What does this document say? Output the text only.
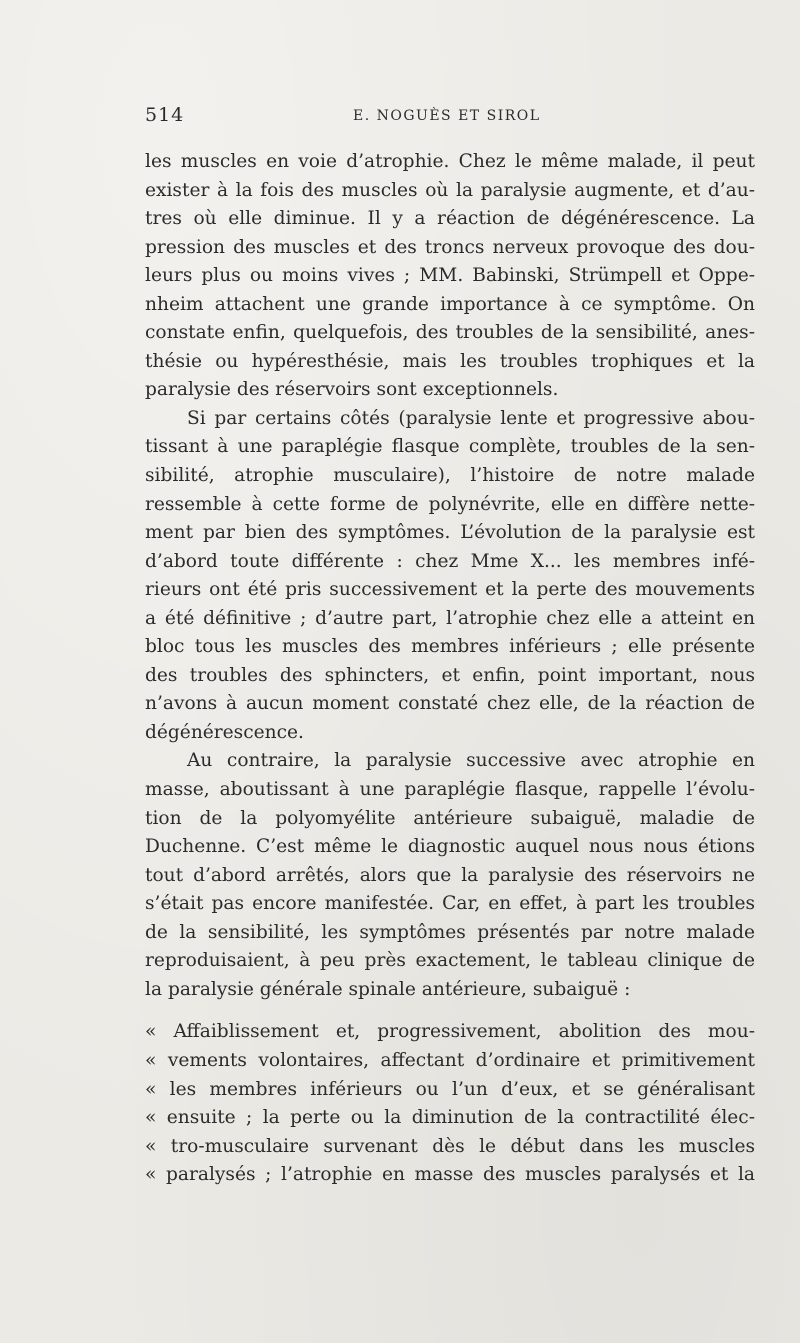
514	E. NOGUÈS ET SIROL
les muscles en voie d’atrophie. Chez le même malade, il peut
exister à la fois des muscles où la paralysie augmente, et d’au-
tres où elle diminue. Il y a réaction de dégénérescence. La
pression des muscles et des troncs nerveux provoque des dou-
leurs plus ou moins vives ; MM. Babinski, Strümpell et Oppe-
nheim attachent une grande importance à ce symptôme. On
constate enfin, quelquefois, des troubles de la sensibilité, anes-
thésie ou hypéresthésie, mais les troubles trophiques et la
paralysie des réservoirs sont exceptionnels.
Si par certains côtés (paralysie lente et progressive abou-
tissant à une paraplégie flasque complète, troubles de la sen-
sibilité, atrophie musculaire), l’histoire de notre malade
ressemble à cette forme de polynévrite, elle en diffère nette-
ment par bien des symptômes. L’évolution de la paralysie est
d’abord toute différente : chez Mme X... les membres infé-
rieurs ont été pris successivement et la perte des mouvements
a été définitive ; d’autre part, l’atrophie chez elle a atteint en
bloc tous les muscles des membres inférieurs ; elle présente
des troubles des sphincters, et enfin, point important, nous
n’avons à aucun moment constaté chez elle, de la réaction de
dégénérescence.
Au contraire, la paralysie successive avec atrophie en
masse, aboutissant à une paraplégie flasque, rappelle l’évolu-
tion de la polyomyélite antérieure subaiguë, maladie de
Duchenne. C’est même le diagnostic auquel nous nous étions
tout d’abord arrêtés, alors que la paralysie des réservoirs ne
s’était pas encore manifestée. Car, en effet, à part les troubles
de la sensibilité, les symptômes présentés par notre malade
reproduisaient, à peu près exactement, le tableau clinique de
la paralysie générale spinale antérieure, subaiguë :
« Affaiblissement et, progressivement, abolition des mou-
« vements volontaires, affectant d’ordinaire et primitivement
« les membres inférieurs ou l’un d’eux, et se généralisant
« ensuite ; la perte ou la diminution de la contractilité élec-
« tro-musculaire survenant dès le début dans les muscles
« paralysés ; l’atrophie en masse des muscles paralysés et la
